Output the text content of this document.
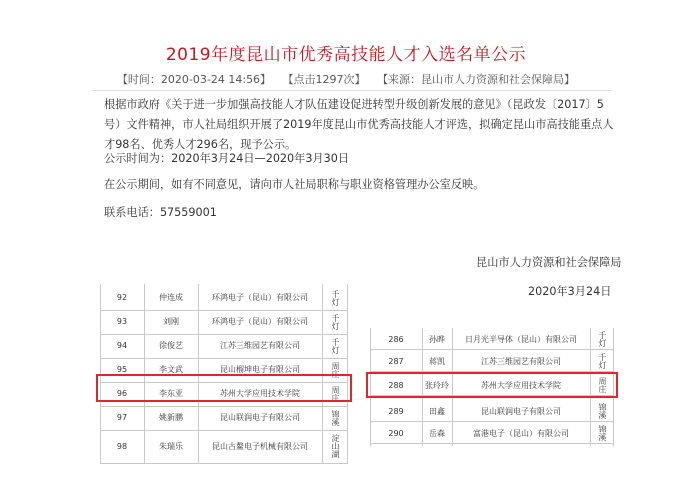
2019年度昆山市优秀高技能人才入选名单公示
【时间：2020-03-24 14:56】 【点击1297次】 【来源：昆山市人力资源和社会保障局】
根据市政府《关于进一步加强高技能人才队伍建设促进转型升级创新发展的意见》（昆政发〔2017〕5号）文件精神，市人社局组织开展了2019年度昆山市优秀高技能人才评选，拟确定昆山市高技能重点人才98名、优秀人才296名，现予公示。
公示时间为：2020年3月24日—2020年3月30日
在公示期间，如有不同意见，请向市人社局职称与职业资格管理办公室反映。
联系电话：57559001
昆山市人力资源和社会保障局
2020年3月24日
92	仲连成	环鸿电子（昆山）有限公司	千灯
93	刘刚	环鸿电子（昆山）有限公司	千灯
94	徐俊艺	江苏三维园艺有限公司	千灯
95	李文武	昆山榴坤电子有限公司	周庄
96	李东亚	苏州大学应用技术学院	周庄
97	姚新鹏	昆山联润电子有限公司	锦溪
98	朱瑞乐	昆山古鳌电子机械有限公司	淀山湖
286	孙晔	日月光半导体（昆山）有限公司	千灯
287	蒋凯	江苏三维园艺有限公司	千灯
288	张玲玲	苏州大学应用技术学院	周庄
289	田鑫	昆山联润电子有限公司	锦溪
290	岳森	富港电子（昆山）有限公司	锦溪
